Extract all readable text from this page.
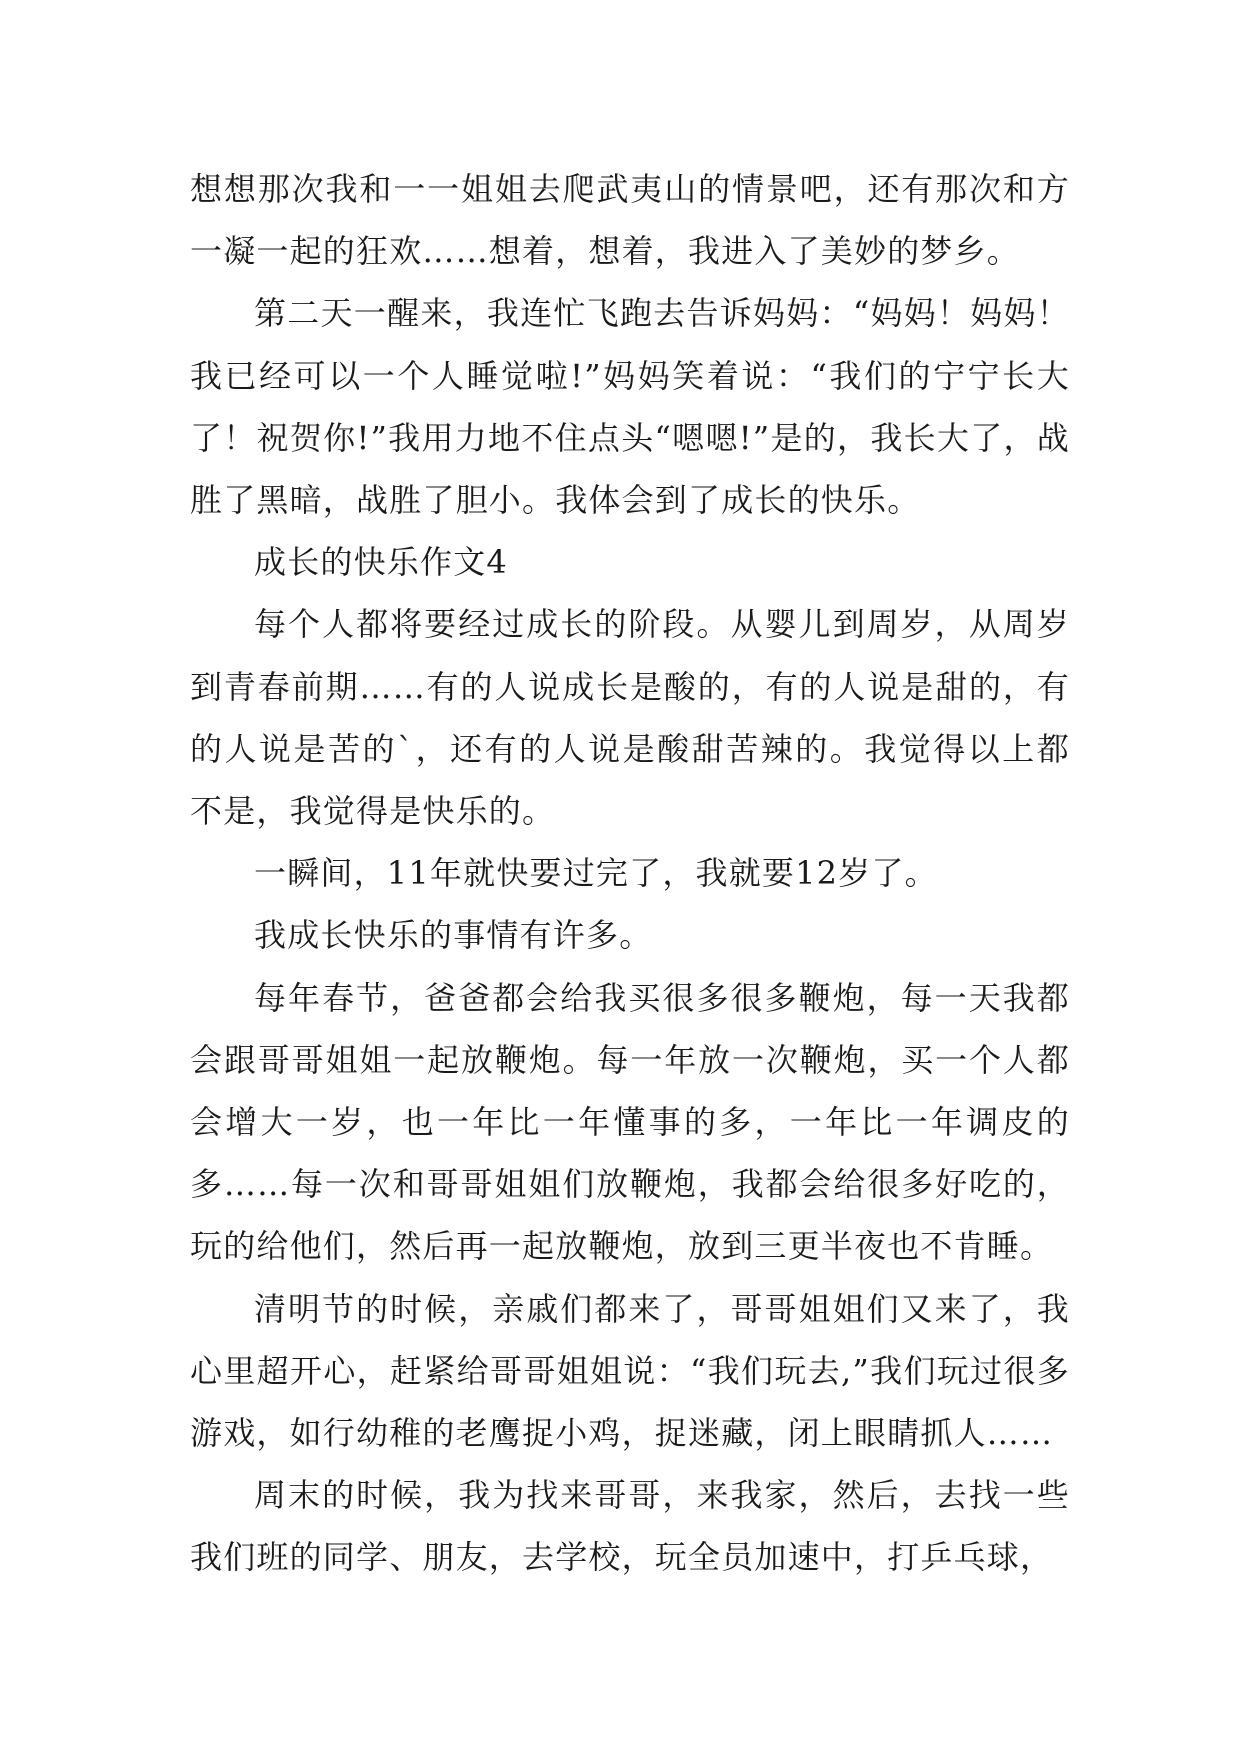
想想那次我和一一姐姐去爬武夷山的情景吧，还有那次和方一凝一起的狂欢……想着，想着，我进入了美妙的梦乡。

第二天一醒来，我连忙飞跑去告诉妈妈：“妈妈！妈妈！我已经可以一个人睡觉啦!”妈妈笑着说：“我们的宁宁长大了！祝贺你!”我用力地不住点头“嗯嗯!”是的，我长大了，战胜了黑暗，战胜了胆小。我体会到了成长的快乐。

成长的快乐作文4

每个人都将要经过成长的阶段。从婴儿到周岁，从周岁到青春前期……有的人说成长是酸的，有的人说是甜的，有的人说是苦的`，还有的人说是酸甜苦辣的。我觉得以上都不是，我觉得是快乐的。

一瞬间，11年就快要过完了，我就要12岁了。

我成长快乐的事情有许多。

每年春节，爸爸都会给我买很多很多鞭炮，每一天我都会跟哥哥姐姐一起放鞭炮。每一年放一次鞭炮，买一个人都会增大一岁，也一年比一年懂事的多，一年比一年调皮的多……每一次和哥哥姐姐们放鞭炮，我都会给很多好吃的，玩的给他们，然后再一起放鞭炮，放到三更半夜也不肯睡。

清明节的时候，亲戚们都来了，哥哥姐姐们又来了，我心里超开心，赶紧给哥哥姐姐说：“我们玩去,”我们玩过很多游戏，如行幼稚的老鹰捉小鸡，捉迷藏，闭上眼睛抓人……

周末的时候，我为找来哥哥，来我家，然后，去找一些我们班的同学、朋友，去学校，玩全员加速中，打乒乓球，
